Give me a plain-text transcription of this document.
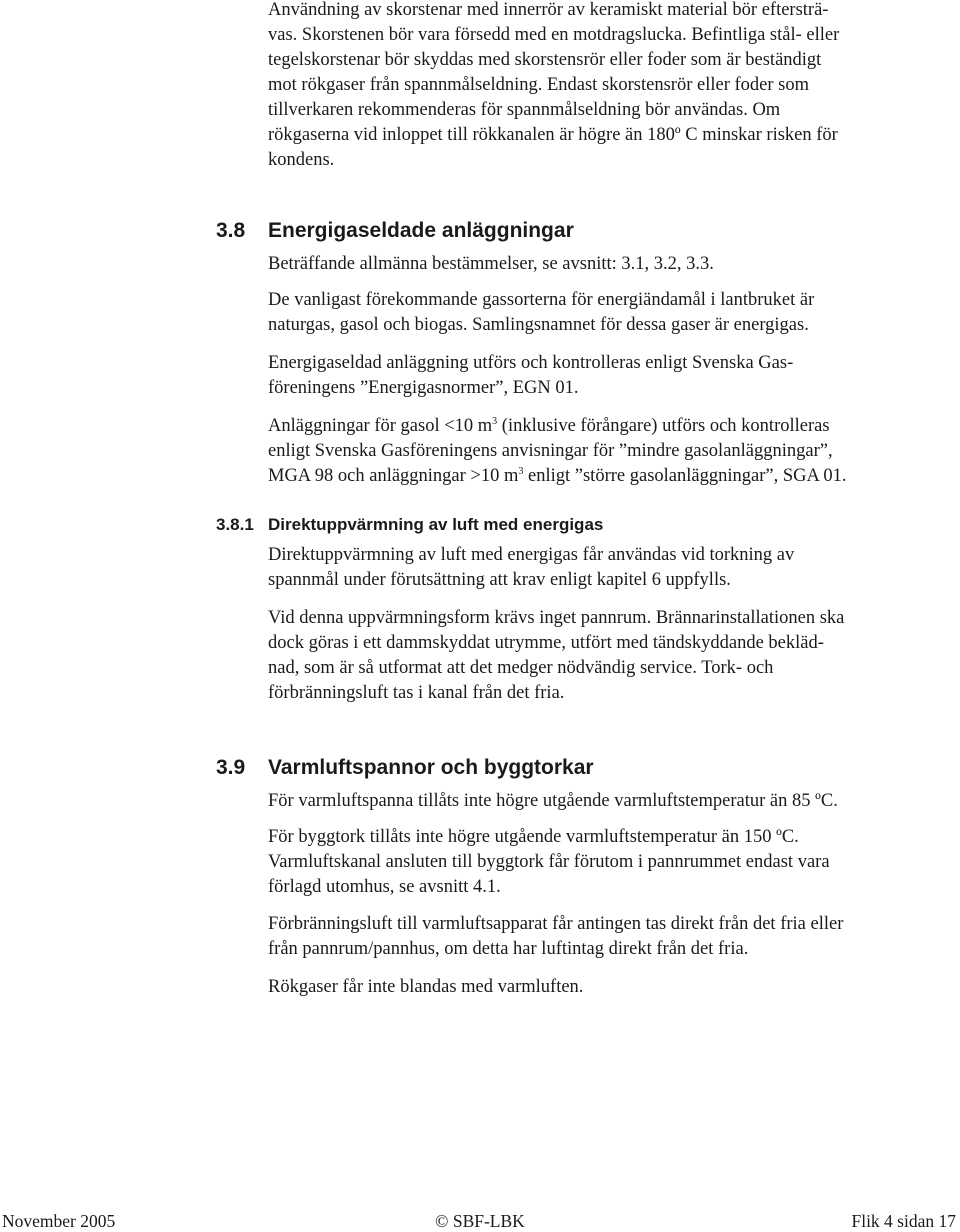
Användning av skorstenar med innerrör av keramiskt material bör eftersträ-
vas. Skorstenen bör vara försedd med en motdragslucka. Befintliga stål- eller
tegelskorstenar bör skyddas med skorstensrör eller foder som är beständigt
mot rökgaser från spannmålseldning. Endast skorstensrör eller foder som
tillverkaren rekommenderas för spannmålseldning bör användas. Om
rökgaserna vid inloppet till rökkanalen är högre än 180º C minskar risken för
kondens.

3.8 Energigaseldade anläggningar

Beträffande allmänna bestämmelser, se avsnitt: 3.1, 3.2, 3.3.

De vanligast förekommande gassorterna för energiändamål i lantbruket är
naturgas, gasol och biogas. Samlingsnamnet för dessa gaser är energigas.

Energigaseldad anläggning utförs och kontrolleras enligt Svenska Gas-
föreningens ”Energigasnormer”, EGN 01.

Anläggningar för gasol <10 $m^3$ (inklusive förångare) utförs och kontrolleras
enligt Svenska Gasföreningens anvisningar för ”mindre gasolanläggningar”,
MGA 98 och anläggningar >10 $m^3$ enligt ”större gasolanläggningar”, SGA 01.

3.8.1 Direktuppvärmning av luft med energigas

Direktuppvärmning av luft med energigas får användas vid torkning av
spannmål under förutsättning att krav enligt kapitel 6 uppfylls.

Vid denna uppvärmningsform krävs inget pannrum. Brännarinstallationen ska
dock göras i ett dammskyddat utrymme, utfört med tändskyddande bekläd-
nad, som är så utformat att det medger nödvändig service. Tork- och
förbränningsluft tas i kanal från det fria.

3.9 Varmluftspannor och byggtorkar

För varmluftspanna tillåts inte högre utgående varmluftstemperatur än 85 ºC.

För byggtork tillåts inte högre utgående varmluftstemperatur än 150 ºC.
Varmluftskanal ansluten till byggtork får förutom i pannrummet endast vara
förlagd utomhus, se avsnitt 4.1.

Förbränningsluft till varmluftsapparat får antingen tas direkt från det fria eller
från pannrum/pannhus, om detta har luftintag direkt från det fria.

Rökgaser får inte blandas med varmluften.

November 2005	© SBF-LBK	Flik 4 sidan 17
